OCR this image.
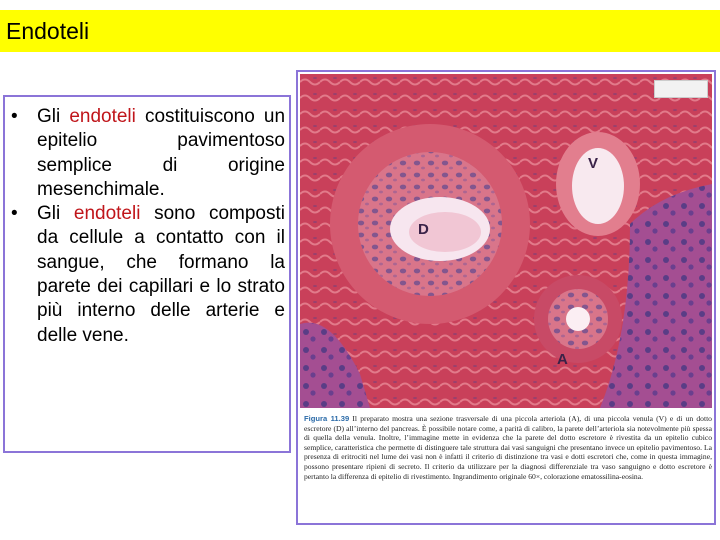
Endoteli
• Gli endoteli costituiscono un epitelio pavimentoso semplice di origine mesenchimale.
• Gli endoteli sono composti da cellule a contatto con il sangue, che formano la parete dei capillari e lo strato più interno delle arterie e delle vene.
V
D
A
Figura 11.39 Il preparato mostra una sezione trasversale di una piccola arteriola (A), di una piccola venula (V) e di un dotto escretore (D) all’interno del pancreas. È possibile notare come, a parità di calibro, la parete dell’arteriola sia notevolmente più spessa di quella della venula. Inoltre, l’immagine mette in evidenza che la parete del dotto escretore è rivestita da un epitelio cubico semplice, caratteristica che permette di distinguere tale struttura dai vasi sanguigni che presentano invece un epitelio pavimentoso. La presenza di eritrociti nel lume dei vasi non è infatti il criterio di distinzione tra vasi e dotti escretori che, come in questa immagine, possono presentare ripieni di secreto. Il criterio da utilizzare per la diagnosi differenziale tra vaso sanguigno e dotto escretore è pertanto la differenza di epitelio di rivestimento. Ingrandimento originale 60×, colorazione ematossilina-eosina.
